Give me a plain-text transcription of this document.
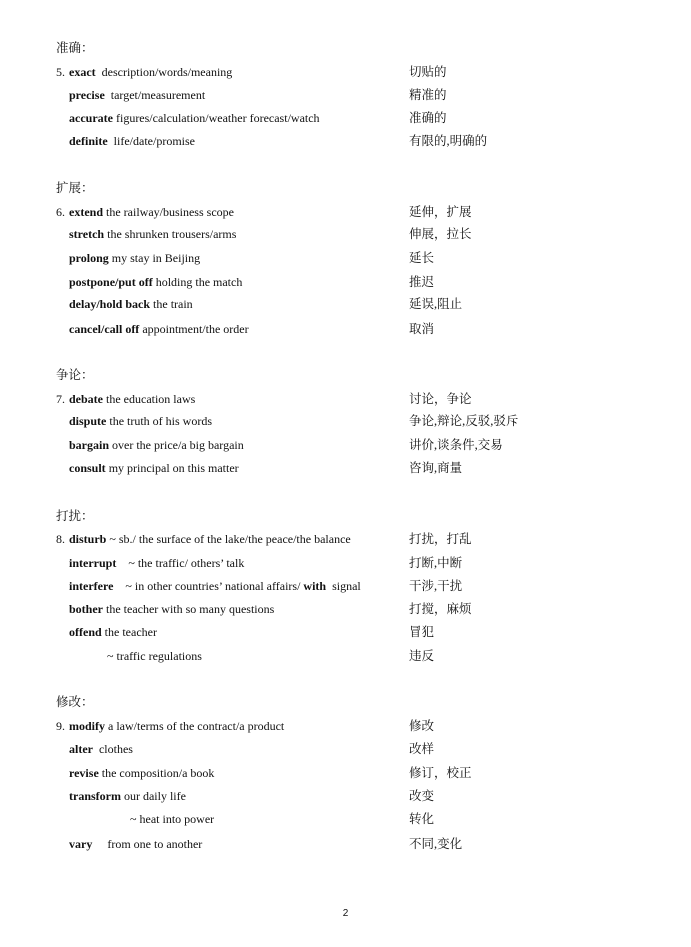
准确：
5. exact  description/words/meaning	切贴的
precise  target/measurement	精准的
accurate figures/calculation/weather forecast/watch	准确的
definite  life/date/promise	有限的,明确的
扩展：
6. extend the railway/business scope	延伸，扩展
stretch the shrunken trousers/arms	伸展，拉长
prolong my stay in Beijing	延长
postpone/put off holding the match	推迟
delay/hold back the train	延误,阻止
cancel/call off appointment/the order	取消
争论：
7. debate the education laws	讨论，争论
dispute the truth of his words	争论,辩论,反驳,驳斥
bargain over the price/a big bargain	讲价,谈条件,交易
consult my principal on this matter	咨询,商量
打扰：
8. disturb ~ sb./ the surface of the lake/the peace/the balance	打扰，打乱
interrupt    ~ the traffic/ others’ talk	打断,中断
interfere    ~ in other countries’ national affairs/ with  signal	干涉,干扰
bother the teacher with so many questions	打搅，麻烦
offend the teacher	冒犯
~ traffic regulations	违反
修改：
9. modify a law/terms of the contract/a product	修改
alter  clothes	改样
revise the composition/a book	修订，校正
transform our daily life	改变
~ heat into power	转化
vary     from one to another	不同,变化
2
